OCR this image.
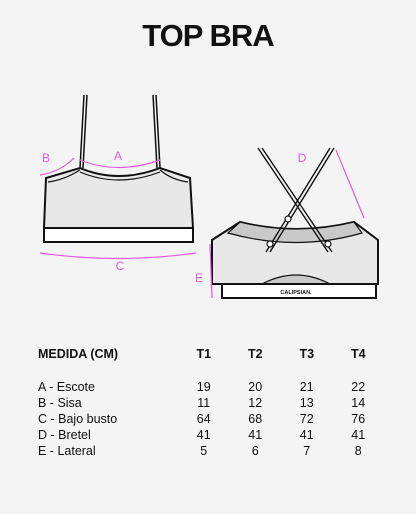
TOP BRA
A
B
C
CALIPSIAN.
D
E
MEDIDA (CM)	T1	T2	T3	T4
A - Escote	19	20	21	22
B - Sisa	11	12	13	14
C - Bajo busto	64	68	72	76
D - Bretel	41	41	41	41
E - Lateral	5	6	7	8
